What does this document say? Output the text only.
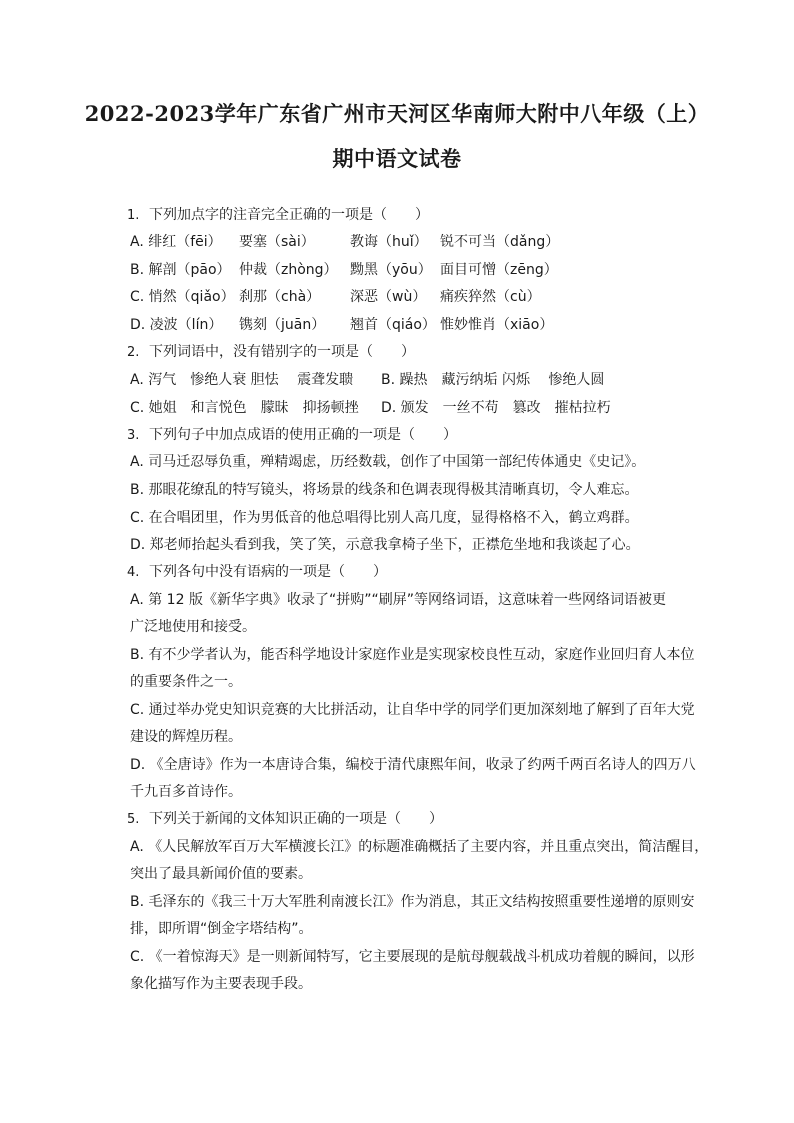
2022-2023学年广东省广州市天河区华南师大附中八年级（上）
期中语文试卷
1. 下列加点字的注音完全正确的一项是（　　）
A. 绯红（fēi） 要塞（sài）	教诲（huǐ） 锐不可当（dǎng）
B. 解剖（pāo） 仲裁（zhòng） 黝黑（yōu） 面目可憎（zēng）
C. 悄然（qiǎo） 刹那（chà） 深恶（wù） 痛疾猝然（cù）
D. 凌波（lín） 镌刻（juān） 翘首（qiáo） 惟妙惟肖（xiāo）
2. 下列词语中，没有错别字的一项是（　　）
A. 泻气　惨绝人衰 胆怯　 震聋发聩 B. 躁热　藏污纳垢 闪烁　 惨绝人圆
C. 她姐　和言悦色　朦昧　抑扬顿挫 D. 颁发　一丝不苟　篡改　摧枯拉朽
3. 下列句子中加点成语的使用正确的一项是（　　）
A. 司马迁忍辱负重，殚精竭虑，历经数载，创作了中国第一部纪传体通史《史记》。
B. 那眼花缭乱的特写镜头，将场景的线条和色调表现得极其清晰真切，令人难忘。
C. 在合唱团里，作为男低音的他总唱得比别人高几度，显得格格不入，鹤立鸡群。
D. 郑老师抬起头看到我，笑了笑，示意我拿椅子坐下，正襟危坐地和我谈起了心。
4. 下列各句中没有语病的一项是（　　）
A. 第 12 版《新华字典》收录了“拼购”“刷屏”等网络词语，这意味着一些网络词语被更
广泛地使用和接受。
B. 有不少学者认为，能否科学地设计家庭作业是实现家校良性互动，家庭作业回归育人本位
的重要条件之一。
C. 通过举办党史知识竞赛的大比拼活动，让自华中学的同学们更加深刻地了解到了百年大党
建设的辉煌历程。
D. 《全唐诗》作为一本唐诗合集，编校于清代康熙年间，收录了约两千两百名诗人的四万八
千九百多首诗作。
5. 下列关于新闻的文体知识正确的一项是（　　）
A. 《人民解放军百万大军横渡长江》的标题准确概括了主要内容，并且重点突出，简洁醒目，
突出了最具新闻价值的要素。
B. 毛泽东的《我三十万大军胜利南渡长江》作为消息，其正文结构按照重要性递增的原则安
排，即所谓“倒金字塔结构”。
C. 《一着惊海天》是一则新闻特写，它主要展现的是航母舰载战斗机成功着舰的瞬间，以形
象化描写作为主要表现手段。
